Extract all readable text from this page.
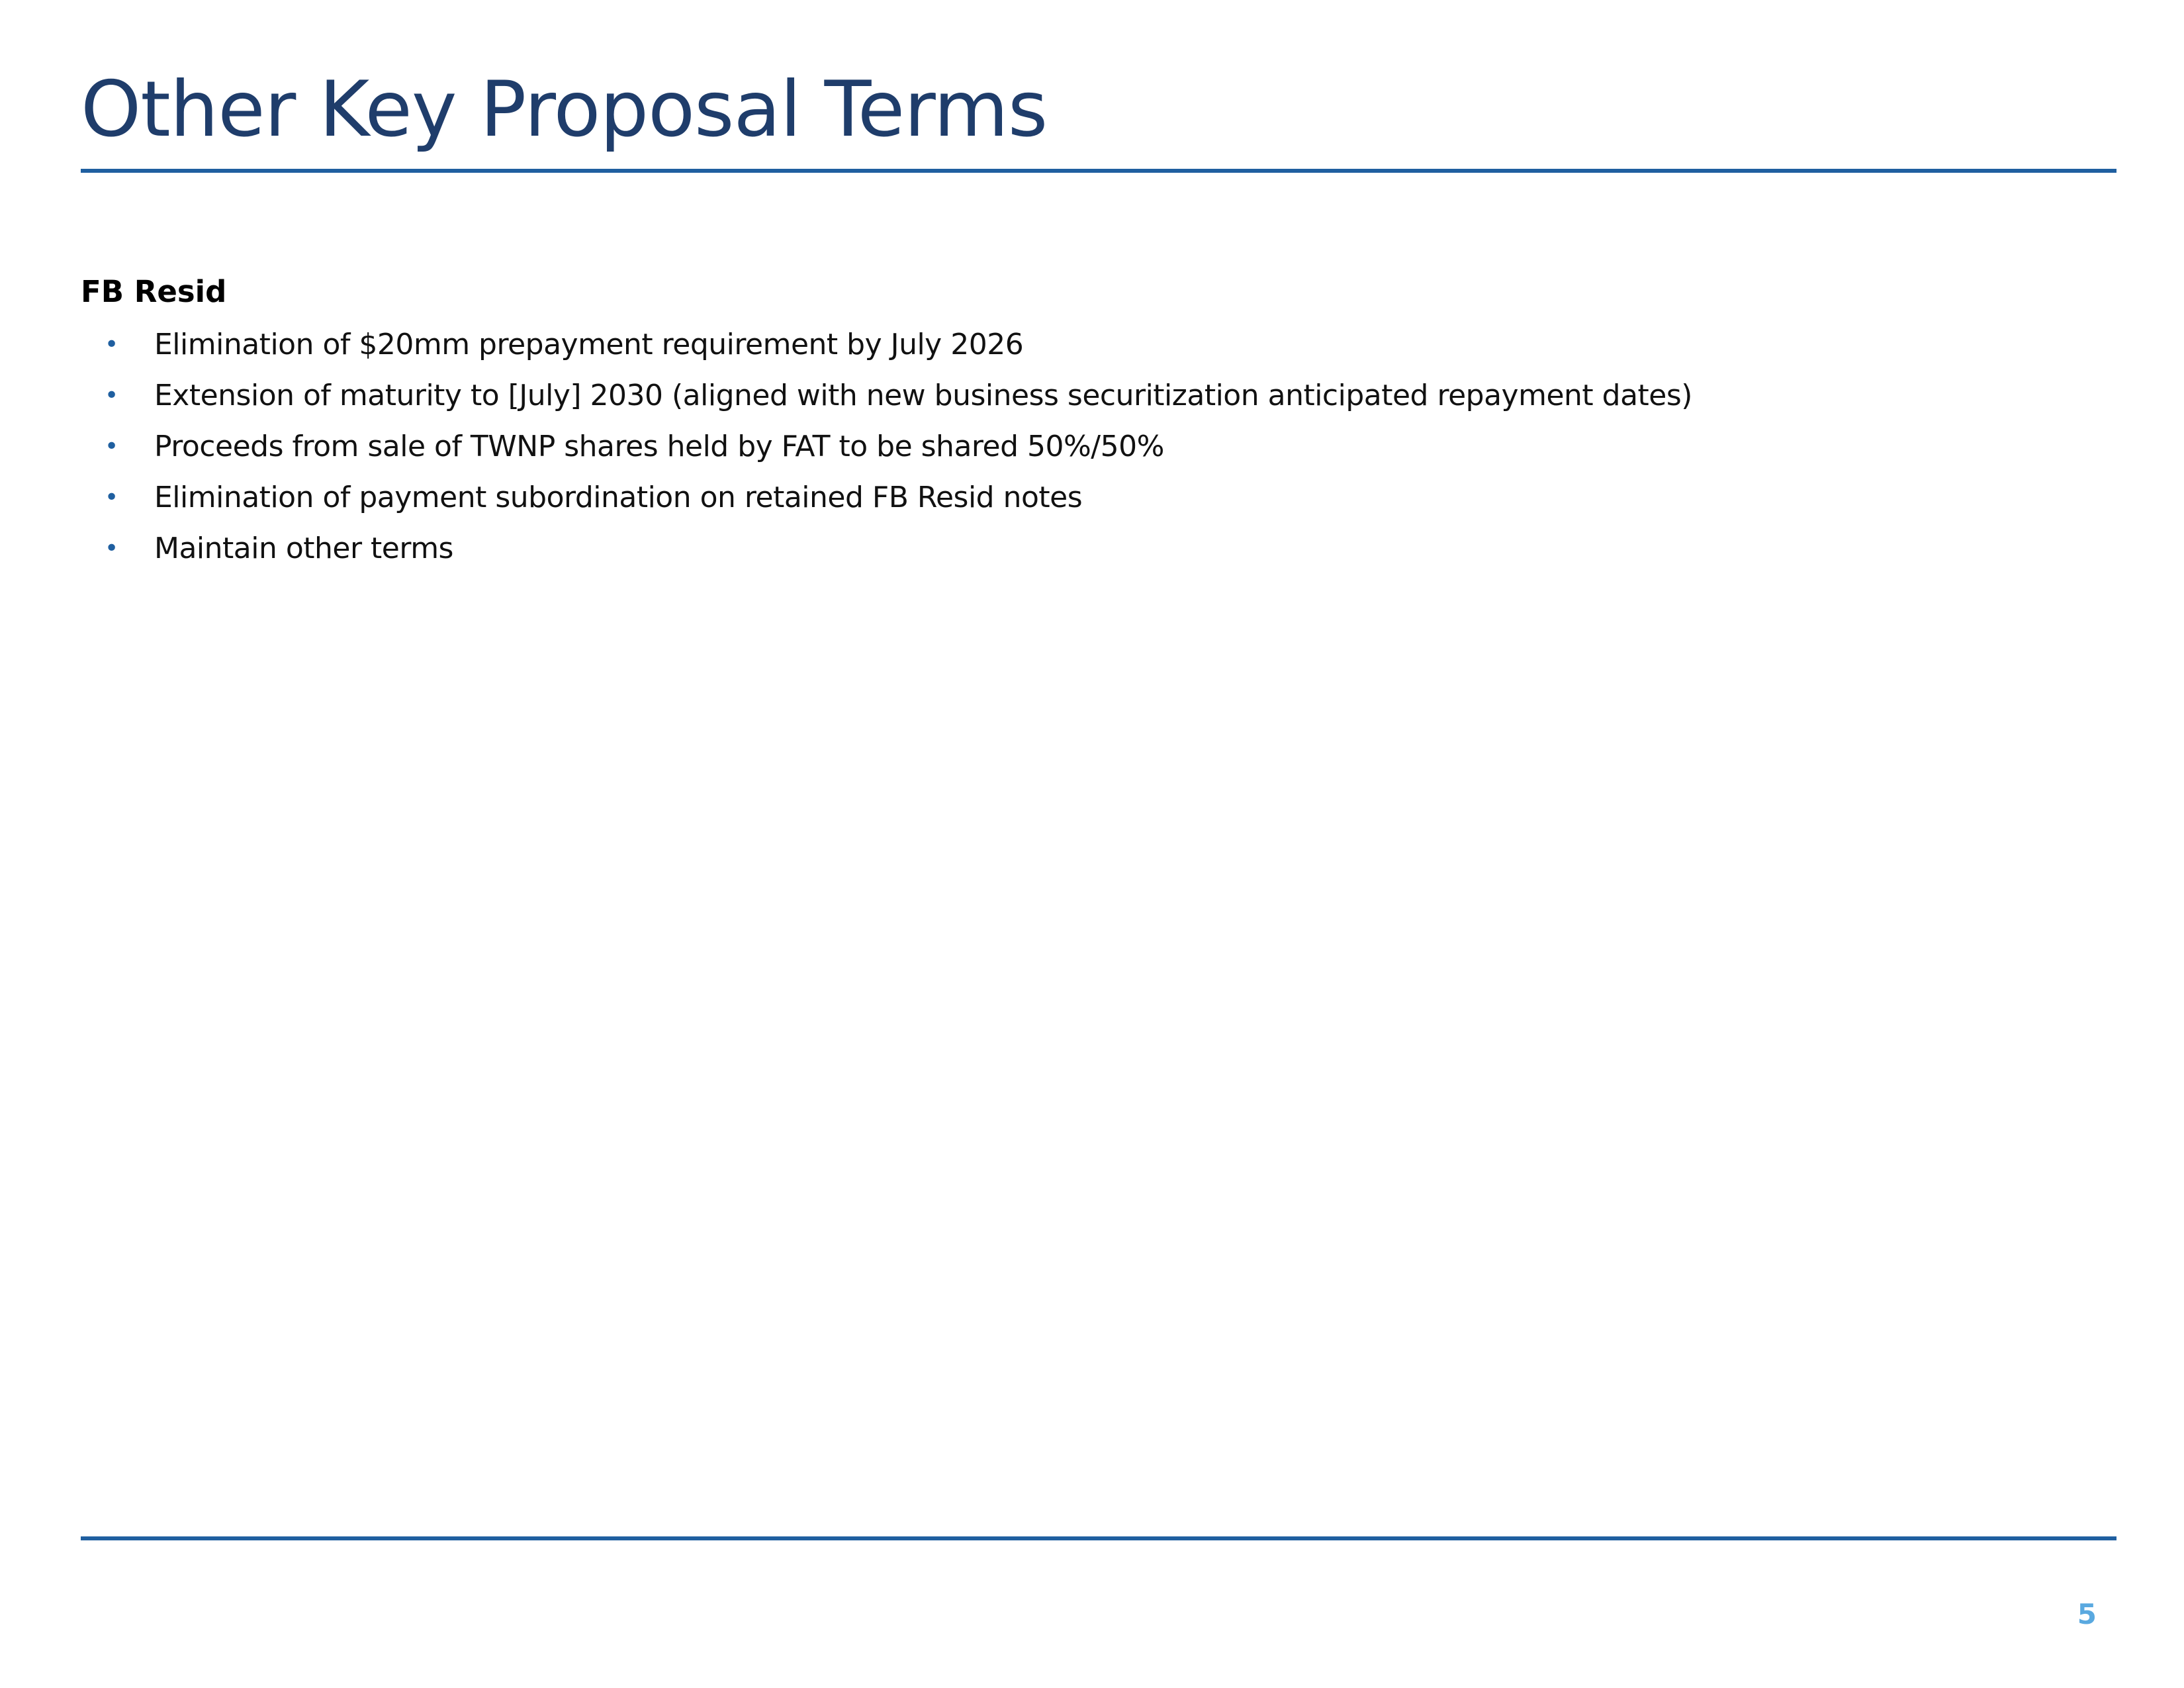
Other Key Proposal Terms
FB Resid
• Elimination of $20mm prepayment requirement by July 2026
• Extension of maturity to [July] 2030 (aligned with new business securitization anticipated repayment dates)
• Proceeds from sale of TWNP shares held by FAT to be shared 50%/50%
• Elimination of payment subordination on retained FB Resid notes
• Maintain other terms
5
